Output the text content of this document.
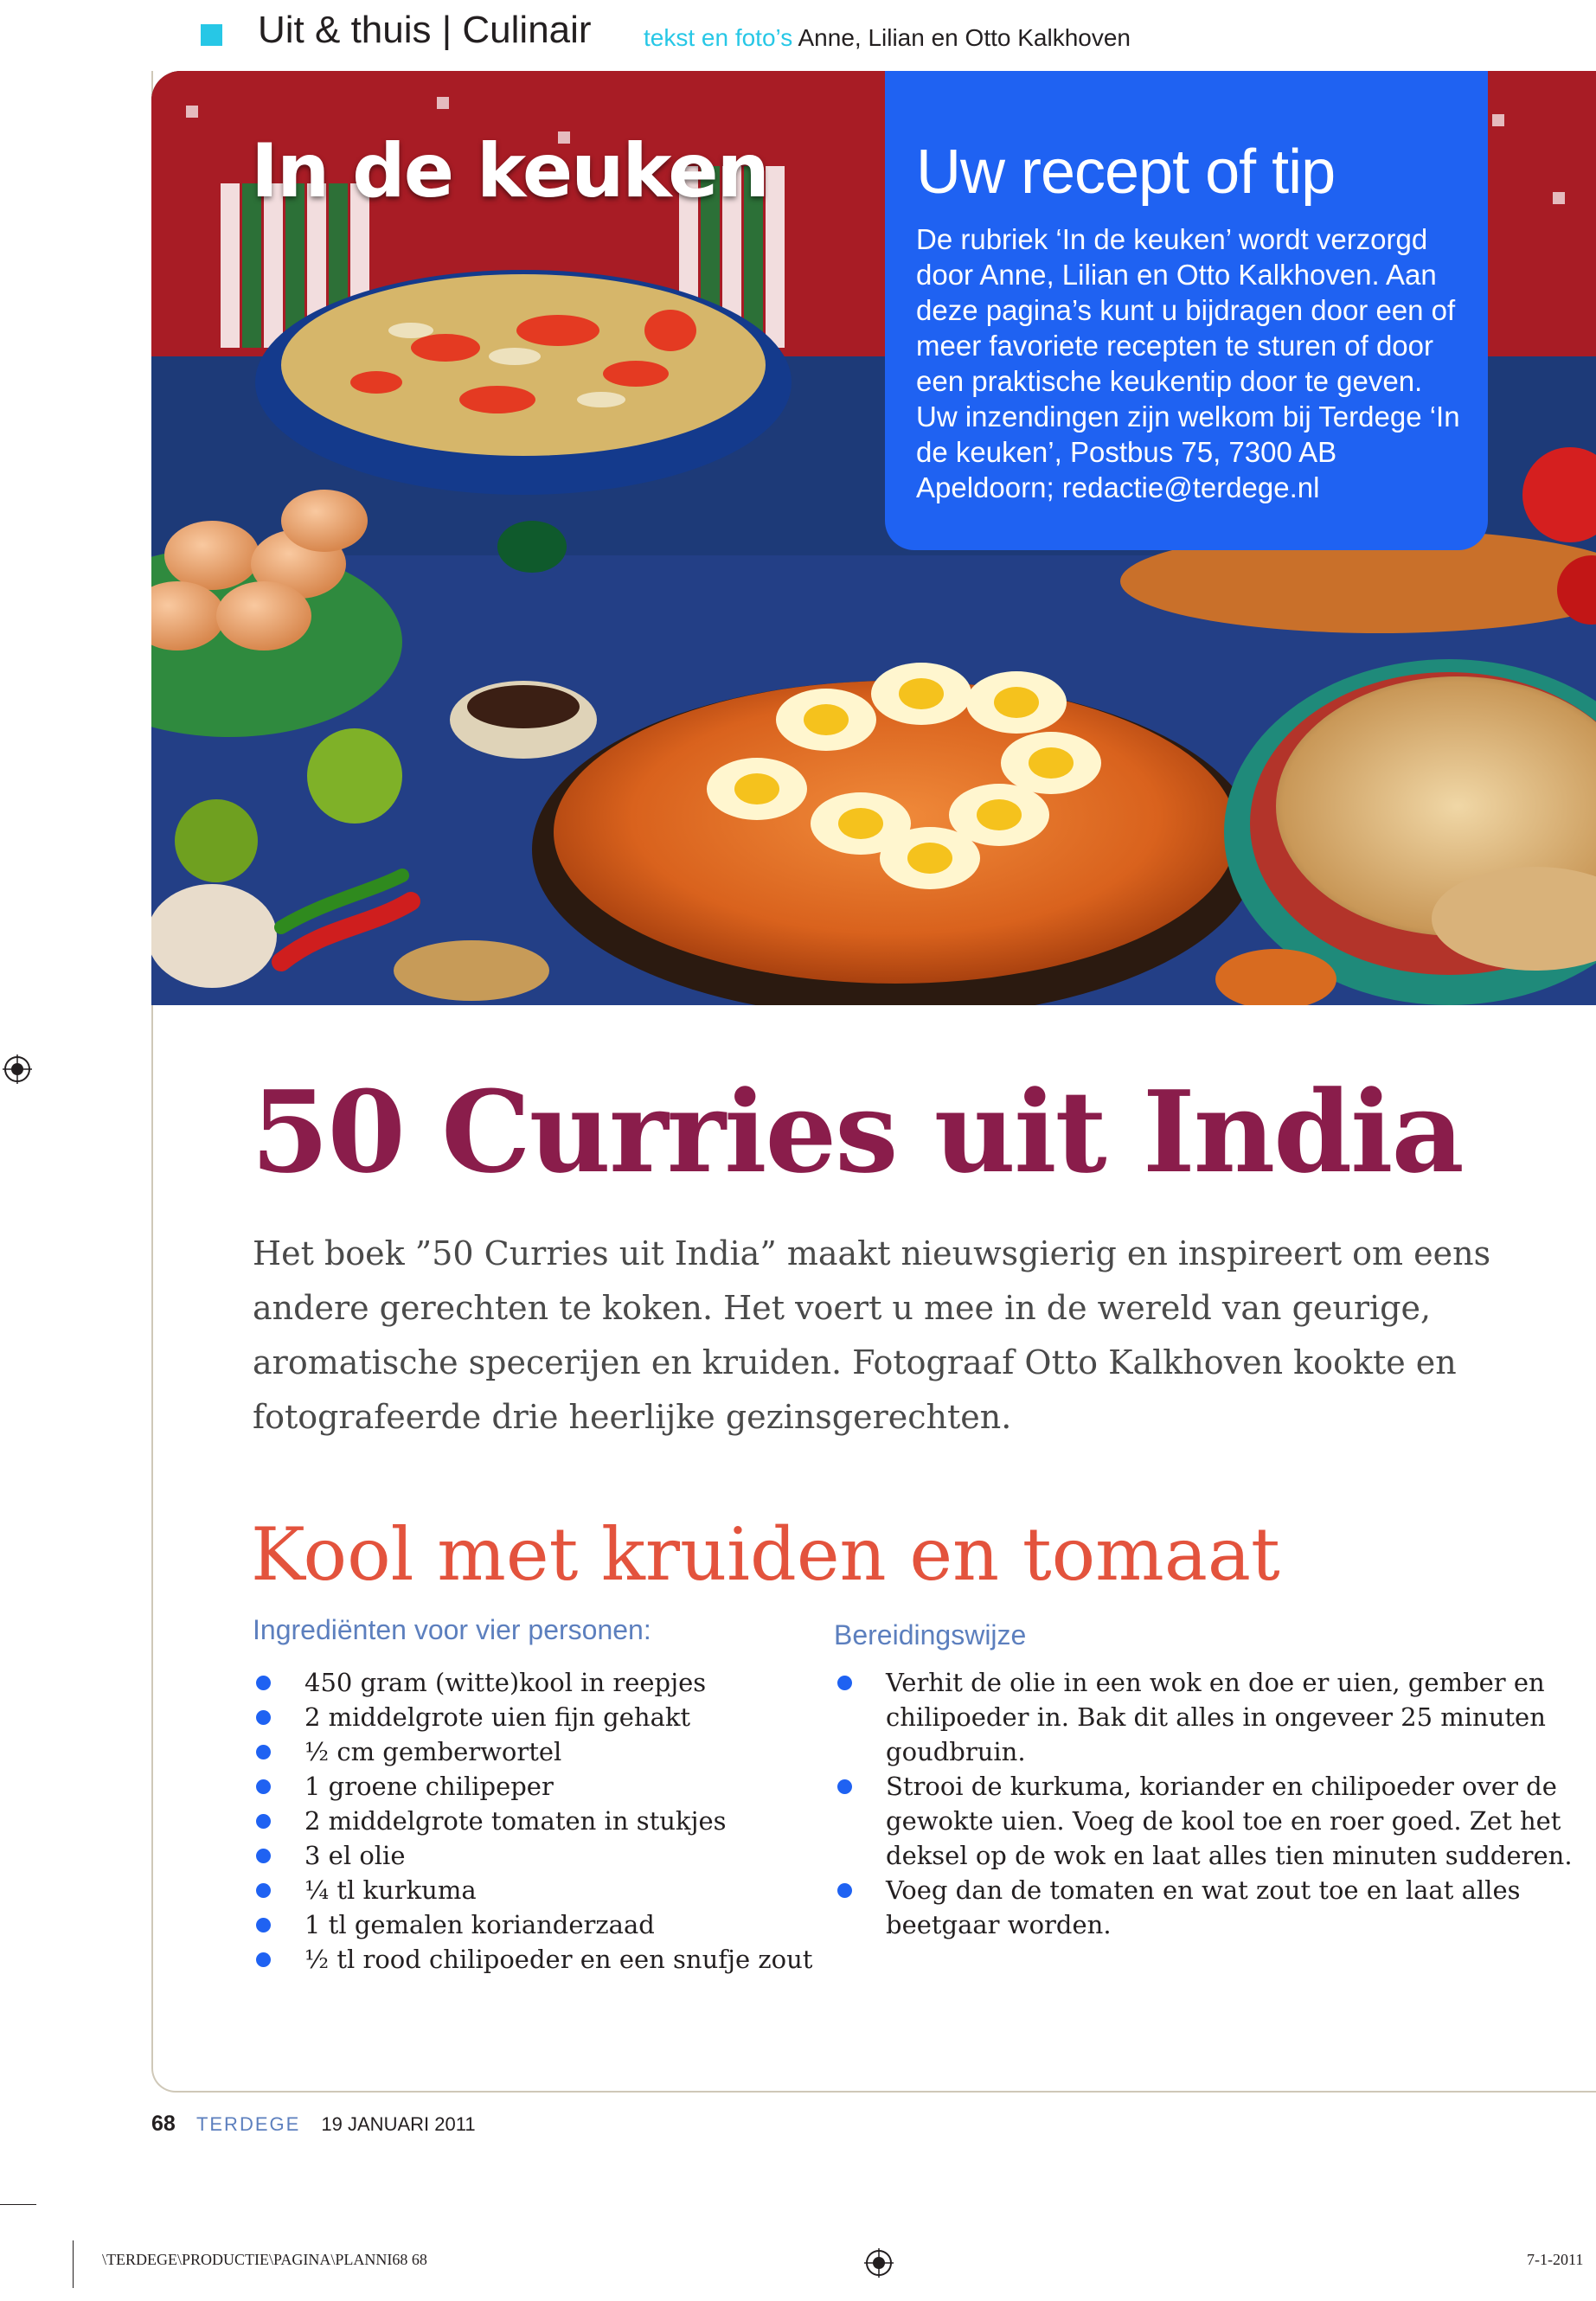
Uit & thuis | Culinair tekst en foto’s Anne, Lilian en Otto Kalkhoven
In de keuken Uw recept of tip

De rubriek ‘In de keuken’ wordt verzorgd door Anne, Lilian en Otto Kalkhoven. Aan deze pagina’s kunt u bijdragen door een of meer favoriete recepten te sturen of door een praktische keukentip door te geven. Uw inzendingen zijn welkom bij Terdege ‘In de keuken’, Postbus 75, 7300 AB Apeldoorn; redactie@terdege.nl

50 Curries uit India
Het boek ”50 Curries uit India” maakt nieuwsgierig en inspireert om eens andere gerechten te koken. Het voert u mee in de wereld van geurige, aromatische specerijen en kruiden. Fotograaf Otto Kalkhoven kookte en fotografeerde drie heerlijke gezinsgerechten.
Kool met kruiden en tomaat
Ingrediënten voor vier personen:
450 gram (witte)kool in reepjes
2 middelgrote uien fijn gehakt
½ cm gemberwortel
1 groene chilipeper
2 middelgrote tomaten in stukjes
3 el olie
¼ tl kurkuma
1 tl gemalen korianderzaad
½ tl rood chilipoeder en een snufje zout
Bereidingswijze
Verhit de olie in een wok en doe er uien, gember en chilipoeder in. Bak dit alles in ongeveer 25 minuten goudbruin.
Strooi de kurkuma, koriander en chilipoeder over de gewokte uien. Voeg de kool toe en roer goed. Zet het deksel op de wok en laat alles tien minuten sudderen.
Voeg dan de tomaten en wat zout toe en laat alles beetgaar worden.
68 TERDEGE 19 JANUARI 2011
\TERDEGE\PRODUCTIE\PAGINA\PLANNI68 68	7-1-2011
